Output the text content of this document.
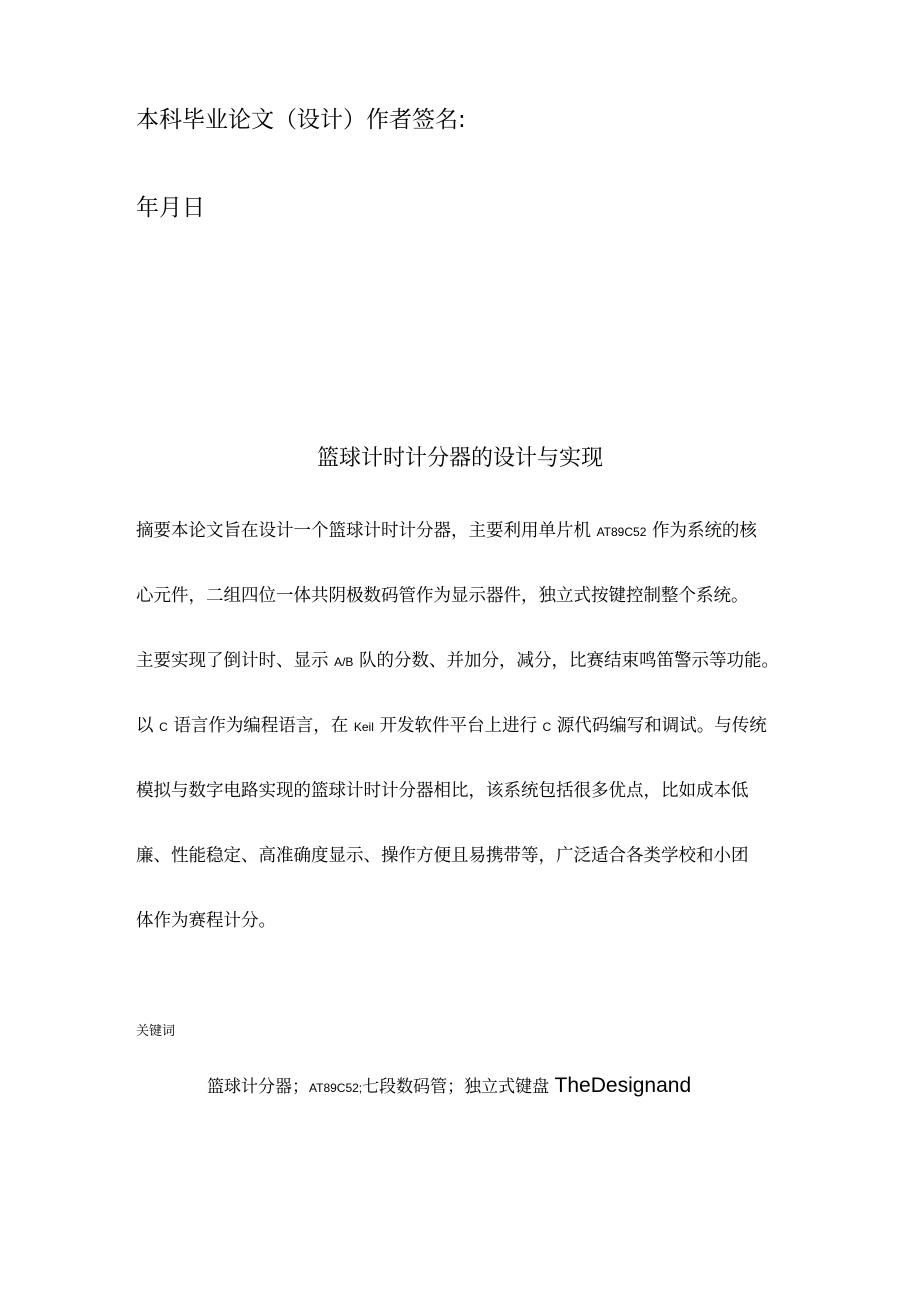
本科毕业论文（设计）作者签名:
年月日
篮球计时计分器的设计与实现
摘要本论文旨在设计一个篮球计时计分器，主要利用单片机 AT89C52 作为系统的核
心元件，二组四位一体共阴极数码管作为显示器件，独立式按键控制整个系统。
主要实现了倒计时、显示 A/B 队的分数、并加分，减分，比赛结束鸣笛警示等功能。
以 C 语言作为编程语言，在 Keil 开发软件平台上进行 C 源代码编写和调试。与传统
模拟与数字电路实现的篮球计时计分器相比，该系统包括很多优点，比如成本低
廉、性能稳定、高准确度显示、操作方便且易携带等，广泛适合各类学校和小团
体作为赛程计分。
关键词
篮球计分器；AT89C52;七段数码管；独立式键盘 TheDesignand
